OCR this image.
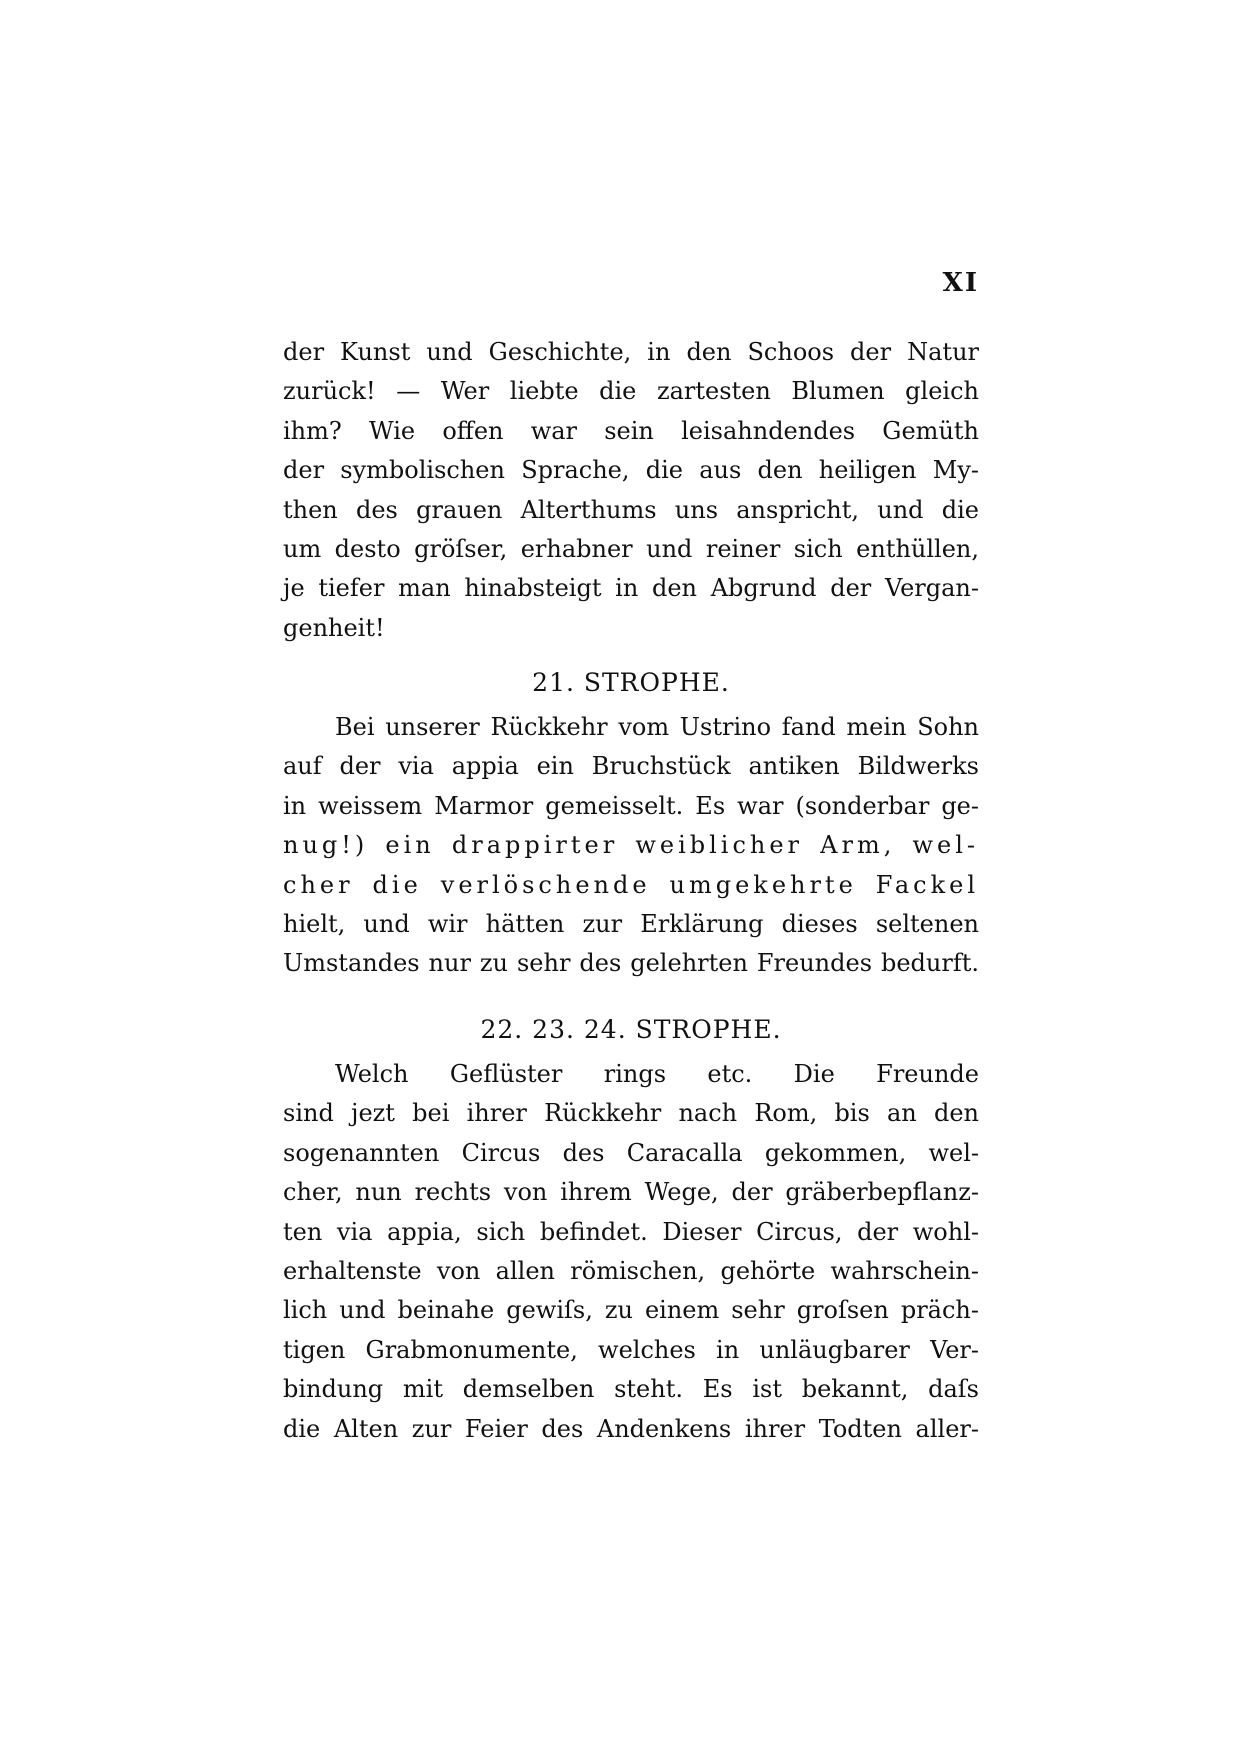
XI
der Kunst und Geschichte, in den Schoos der Natur
zurück! — Wer liebte die zartesten Blumen gleich
ihm? Wie offen war sein leisahndendes Gemüth
der symbolischen Sprache, die aus den heiligen My-
then des grauen Alterthums uns anspricht, und die
um desto gröſser, erhabner und reiner sich enthüllen,
je tiefer man hinabsteigt in den Abgrund der Vergan-
genheit!
21. STROPHE.
Bei unserer Rückkehr vom Ustrino fand mein Sohn
auf der via appia ein Bruchstück antiken Bildwerks
in weissem Marmor gemeisselt. Es war (sonderbar ge-
nug!) ein drappirter weiblicher Arm, wel-
cher die verlöschende umgekehrte Fackel
hielt, und wir hätten zur Erklärung dieses seltenen
Umstandes nur zu sehr des gelehrten Freundes bedurft.
22. 23. 24. STROPHE.
Welch Geflüster rings etc. Die Freunde
sind jezt bei ihrer Rückkehr nach Rom, bis an den
sogenannten Circus des Caracalla gekommen, wel-
cher, nun rechts von ihrem Wege, der gräberbepflanz-
ten via appia, sich befindet. Dieser Circus, der wohl-
erhaltenste von allen römischen, gehörte wahrschein-
lich und beinahe gewiſs, zu einem sehr groſsen präch-
tigen Grabmonumente, welches in unläugbarer Ver-
bindung mit demselben steht. Es ist bekannt, daſs
die Alten zur Feier des Andenkens ihrer Todten aller-
